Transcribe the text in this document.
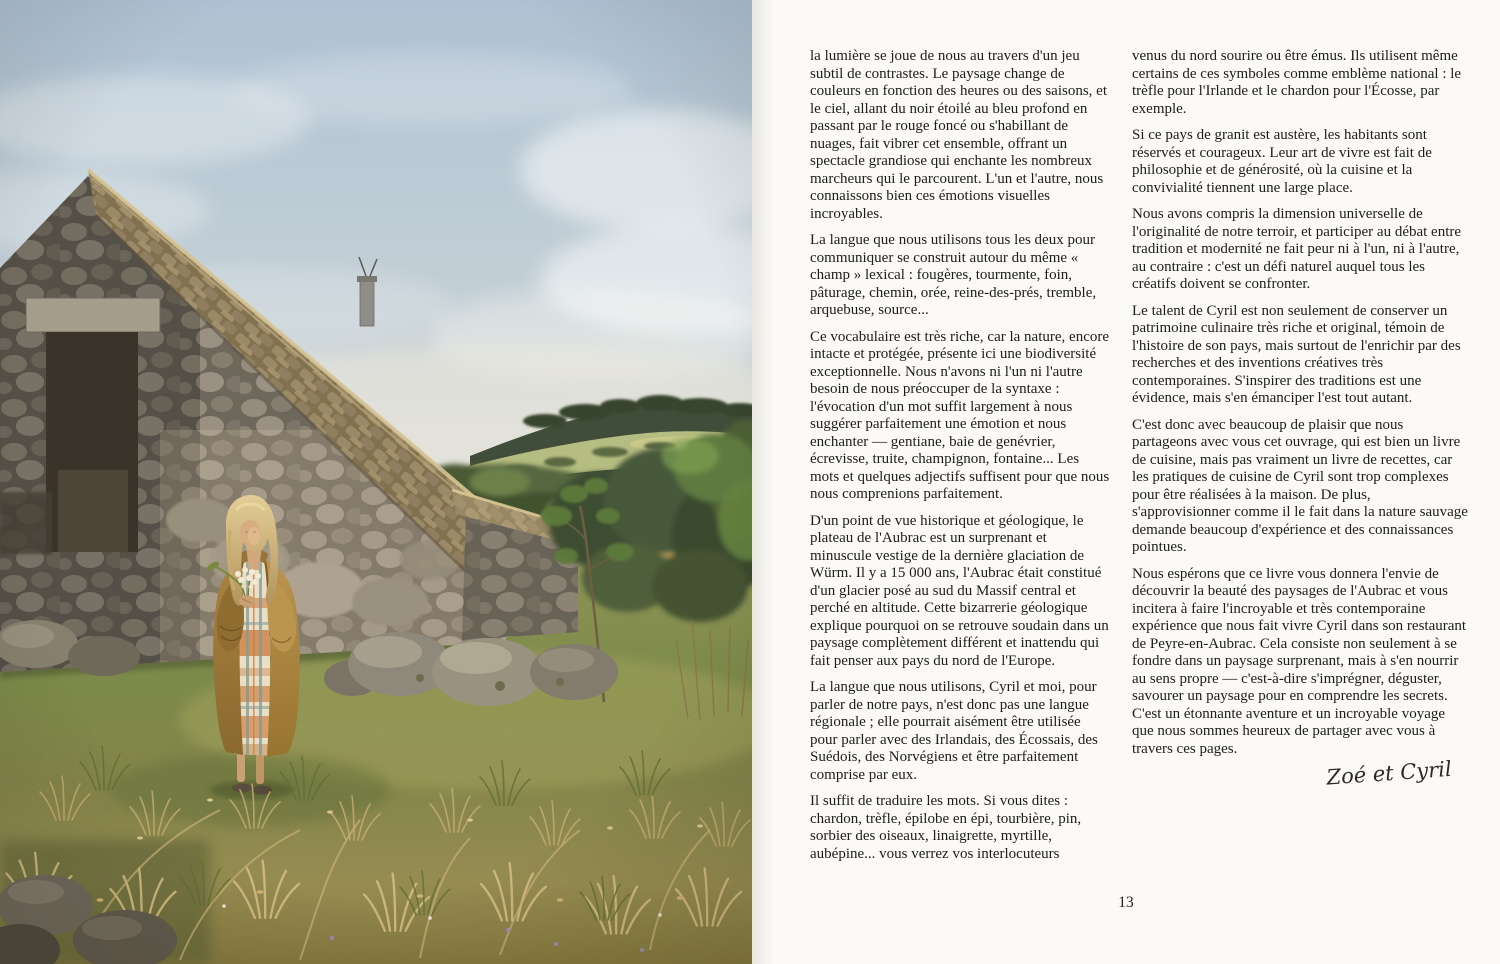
la lumière se joue de nous au travers d'un jeu subtil de contrastes. Le paysage change de couleurs en fonction des heures ou des saisons, et le ciel, allant du noir étoilé au bleu profond en passant par le rouge foncé ou s'habillant de nuages, fait vibrer cet ensemble, offrant un spectacle grandiose qui enchante les nombreux marcheurs qui le parcourent. L'un et l'autre, nous connaissons bien ces émotions visuelles incroyables.

La langue que nous utilisons tous les deux pour communiquer se construit autour du même « champ » lexical : fougères, tourmente, foin, pâturage, chemin, orée, reine-des-prés, tremble, arquebuse, source...

Ce vocabulaire est très riche, car la nature, encore intacte et protégée, présente ici une biodiversité exceptionnelle. Nous n'avons ni l'un ni l'autre besoin de nous préoccuper de la syntaxe : l'évocation d'un mot suffit largement à nous suggérer parfaitement une émotion et nous enchanter — gentiane, baie de genévrier, écrevisse, truite, champignon, fontaine... Les mots et quelques adjectifs suffisent pour que nous nous comprenions parfaitement.

D'un point de vue historique et géologique, le plateau de l'Aubrac est un surprenant et minuscule vestige de la dernière glaciation de Würm. Il y a 15 000 ans, l'Aubrac était constitué d'un glacier posé au sud du Massif central et perché en altitude. Cette bizarrerie géologique explique pourquoi on se retrouve soudain dans un paysage complètement différent et inattendu qui fait penser aux pays du nord de l'Europe.

La langue que nous utilisons, Cyril et moi, pour parler de notre pays, n'est donc pas une langue régionale ; elle pourrait aisément être utilisée pour parler avec des Irlandais, des Écossais, des Suédois, des Norvégiens et être parfaitement comprise par eux.

Il suffit de traduire les mots. Si vous dites : chardon, trèfle, épilobe en épi, tourbière, pin, sorbier des oiseaux, linaigrette, myrtille, aubépine... vous verrez vos interlocuteurs

venus du nord sourire ou être émus. Ils utilisent même certains de ces symboles comme emblème national : le trèfle pour l'Irlande et le chardon pour l'Écosse, par exemple.

Si ce pays de granit est austère, les habitants sont réservés et courageux. Leur art de vivre est fait de philosophie et de générosité, où la cuisine et la convivialité tiennent une large place.

Nous avons compris la dimension universelle de l'originalité de notre terroir, et participer au débat entre tradition et modernité ne fait peur ni à l'un, ni à l'autre, au contraire : c'est un défi naturel auquel tous les créatifs doivent se confronter.

Le talent de Cyril est non seulement de conserver un patrimoine culinaire très riche et original, témoin de l'histoire de son pays, mais surtout de l'enrichir par des recherches et des inventions créatives très contemporaines. S'inspirer des traditions est une évidence, mais s'en émanciper l'est tout autant.

C'est donc avec beaucoup de plaisir que nous partageons avec vous cet ouvrage, qui est bien un livre de cuisine, mais pas vraiment un livre de recettes, car les pratiques de cuisine de Cyril sont trop complexes pour être réalisées à la maison. De plus, s'approvisionner comme il le fait dans la nature sauvage demande beaucoup d'expérience et des connaissances pointues.

Nous espérons que ce livre vous donnera l'envie de découvrir la beauté des paysages de l'Aubrac et vous incitera à faire l'incroyable et très contemporaine expérience que nous fait vivre Cyril dans son restaurant de Peyre-en-Aubrac. Cela consiste non seulement à se fondre dans un paysage surprenant, mais à s'en nourrir au sens propre — c'est-à-dire s'imprégner, déguster, savourer un paysage pour en comprendre les secrets. C'est un étonnante aventure et un incroyable voyage que nous sommes heureux de partager avec vous à travers ces pages.

Zoé et Cyril
13
